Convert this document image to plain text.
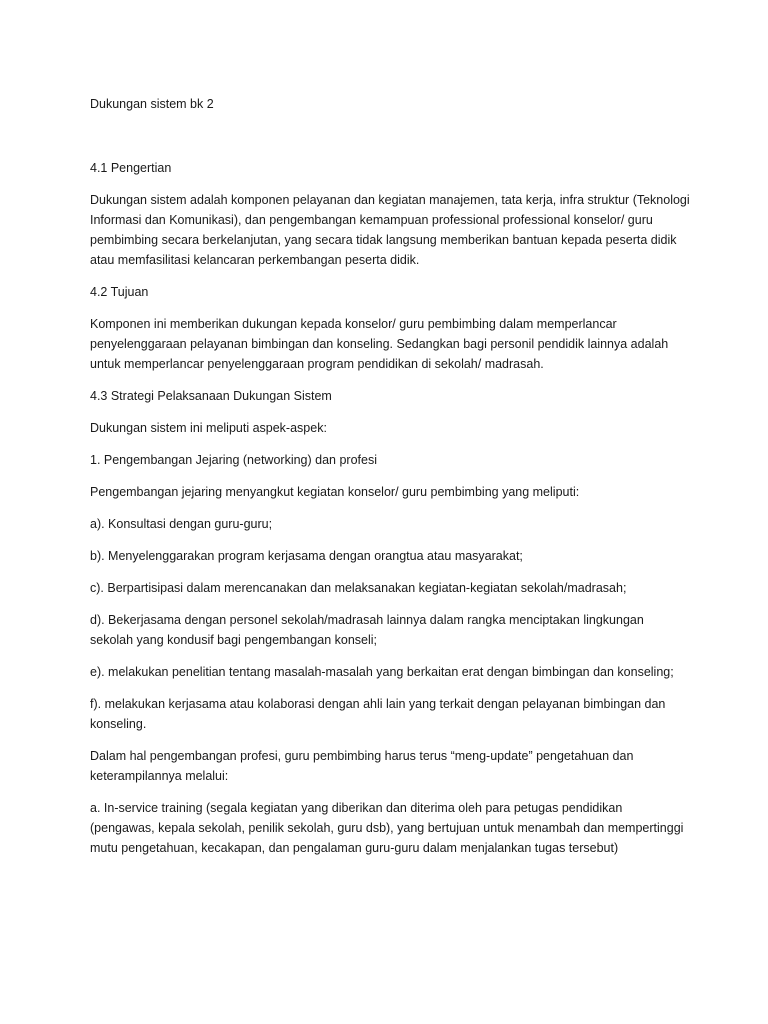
Dukungan sistem bk 2

4.1 Pengertian

Dukungan sistem adalah komponen pelayanan dan kegiatan manajemen, tata kerja, infra struktur (Teknologi Informasi dan Komunikasi), dan pengembangan kemampuan professional professional konselor/ guru pembimbing secara berkelanjutan, yang secara tidak langsung memberikan bantuan kepada peserta didik atau memfasilitasi kelancaran perkembangan peserta didik.

4.2 Tujuan

Komponen ini memberikan dukungan kepada konselor/ guru pembimbing dalam memperlancar penyelenggaraan pelayanan bimbingan dan konseling. Sedangkan bagi personil pendidik lainnya adalah untuk memperlancar penyelenggaraan program pendidikan di sekolah/ madrasah.

4.3 Strategi Pelaksanaan Dukungan Sistem

Dukungan sistem ini meliputi aspek-aspek:

1. Pengembangan Jejaring (networking) dan profesi

Pengembangan jejaring menyangkut kegiatan konselor/ guru pembimbing yang meliputi:

a). Konsultasi dengan guru-guru;

b). Menyelenggarakan program kerjasama dengan orangtua atau masyarakat;

c). Berpartisipasi dalam merencanakan dan melaksanakan kegiatan-kegiatan sekolah/madrasah;

d). Bekerjasama dengan personel sekolah/madrasah lainnya dalam rangka menciptakan lingkungan sekolah yang kondusif bagi pengembangan konseli;

e). melakukan penelitian tentang masalah-masalah yang berkaitan erat dengan bimbingan dan konseling;

f). melakukan kerjasama atau kolaborasi dengan ahli lain yang terkait dengan pelayanan bimbingan dan konseling.

Dalam hal pengembangan profesi, guru pembimbing harus terus “meng-update” pengetahuan dan keterampilannya melalui:

a. In-service training (segala kegiatan yang diberikan dan diterima oleh para petugas pendidikan (pengawas, kepala sekolah, penilik sekolah, guru dsb), yang bertujuan untuk menambah dan mempertinggi mutu pengetahuan, kecakapan, dan pengalaman guru-guru dalam menjalankan tugas tersebut)
